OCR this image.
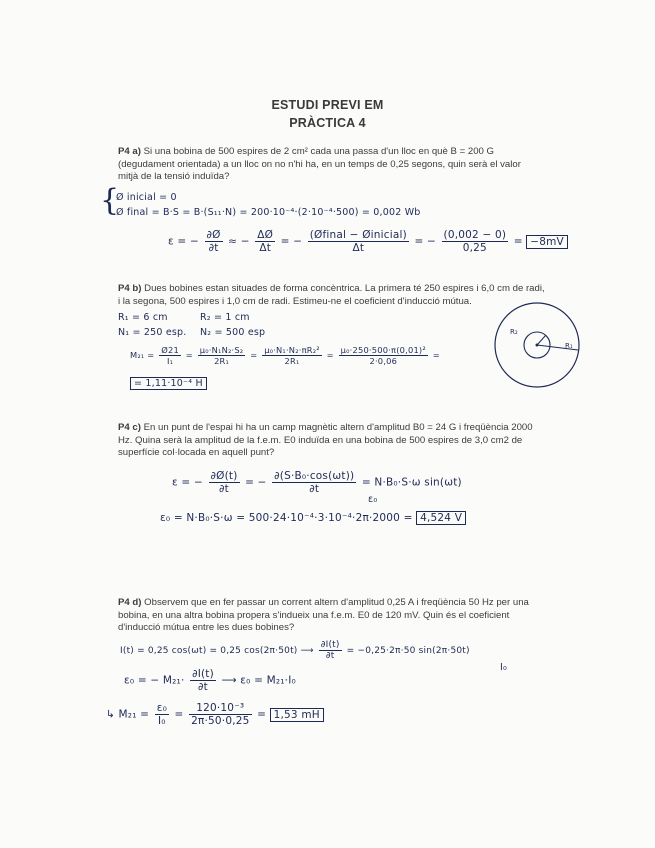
ESTUDI PREVI EM
PRÀCTICA 4
P4 a) Si una bobina de 500 espires de 2 cm² cada una passa d'un lloc en què B = 200 G (degudament orientada) a un lloc on no n'hi ha, en un temps de 0,25 segons, quin serà el valor mitjà de la tensió induïda?
{
Ø inicial = 0
Ø final = B·S = B·(S₁₁·N) = 200·10⁻⁴·(2·10⁻⁴·500) = 0,002 Wb
ε = − $\frac{\partial Ø}{\partial t}$ ≈ − $\frac{\Delta Ø}{\Delta t}$ = − $\frac{\text{(Øfinal − Øinicial)}}{\Delta t}$ = − $\frac{(0,002 - 0)}{0,25} = -8mV$
P4 b) Dues bobines estan situades de forma concèntrica. La primera té 250 espires i 6,0 cm de radi, i la segona, 500 espires i 1,0 cm de radi. Estimeu-ne el coeficient d'inducció mútua.
R₁ = 6 cm	R₂ = 1 cm
N₁ = 250 esp. N₂ = 500 esp
$M_{21} = \frac{Ø21}{\text{I₁}} = \frac{\text{μ₀·N₁N₂·S₂}}{\text{2R₁}} = \frac{\text{μ₀·N₁·N₂·πR₂²}}{\text{2R₁}} = \frac{\text{μ₀·250·500·π(0,01)²}}{2\cdot 0,06}$ =
= 1,11·10⁻⁴ H
R₂
R₁
P4 c) En un punt de l'espai hi ha un camp magnètic altern d'amplitud B0 = 24 G i freqüència 2000 Hz. Quina serà la amplitud de la f.e.m. E0 induïda en una bobina de 500 espires de 3,0 cm2 de superfície col·locada en aquell punt?
ε = − $\frac{\partial Ø(t)}{\partial t}$ = − $\frac{\text{∂(S·B₀·cos(ωt))}}{\partial t} = N\cdot B_0\cdot S\cdot\omega$ sin(ωt)
ε₀
ε₀ = N·B₀·S·ω = 500·24·10⁻⁴·3·10⁻⁴·2π·2000 = 4,524 V
P4 d) Observem que en fer passar un corrent altern d'amplitud 0,25 A i freqüència 50 Hz per una bobina, en una altra bobina propera s'indueix una f.e.m. E0 de 120 mV. Quin és el coeficient d'inducció mútua entre les dues bobines?
I(t) = 0,25 cos(ωt) = 0,25 cos(2π·50t) ⟶ $\frac{\partial I(t)}{\partial t} = -0,25\cdot 2\pi\cdot 50$ sin(2π·50t)
I₀
ε₀ = − $M_{21}\cdot \frac{\partial I(t)}{\partial t}$ ⟶ ε₀ = M₂₁·I₀
↳ $M_{21} = \frac{\text{ε₀}}{\text{I₀}} = \frac{\text{120·10⁻³}}{2\pi\cdot 50\cdot 0,25} = 1,53$ mH
